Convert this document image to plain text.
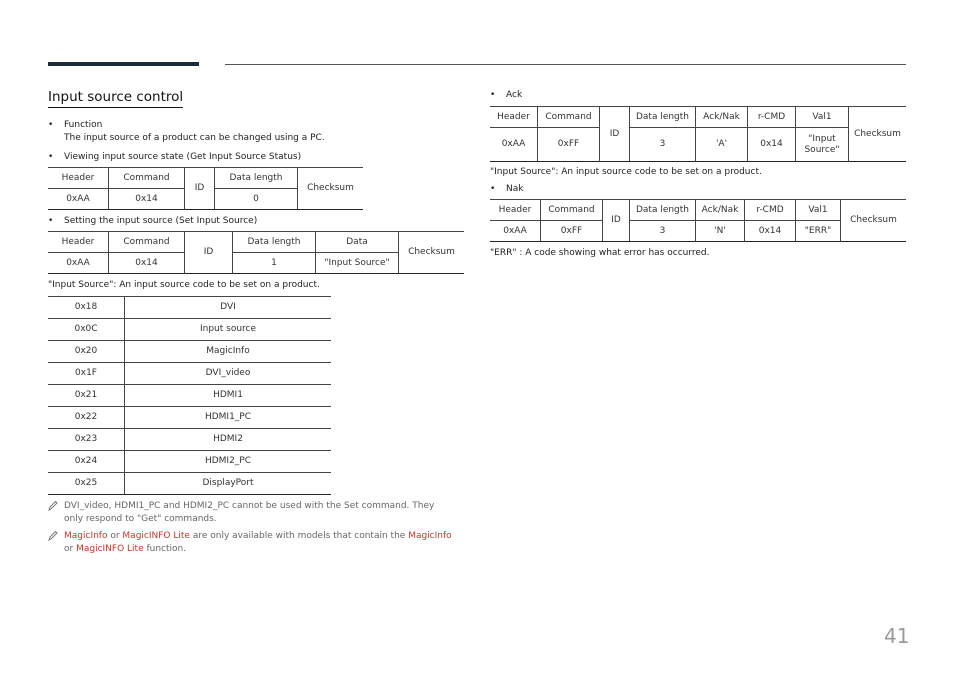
Input source control
• Function
The input source of a product can be changed using a PC.
• Viewing input source state (Get Input Source Status)
Header	Command	ID	Data length	Checksum
0xAA	0x14		0	
• Setting the input source (Set Input Source)
Header	Command	ID	Data length	Data	Checksum
0xAA	0x14		1	"Input Source"	
"Input Source": An input source code to be set on a product.
0x18	DVI
0x0C	Input source
0x20	MagicInfo
0x1F	DVI_video
0x21	HDMI1
0x22	HDMI1_PC
0x23	HDMI2
0x24	HDMI2_PC
0x25	DisplayPort
DVI_video, HDMI1_PC and HDMI2_PC cannot be used with the Set command. They only respond to "Get" commands.
MagicInfo or MagicINFO Lite are only available with models that contain the MagicInfo or MagicINFO Lite function.
• Ack
Header	Command	ID	Data length	Ack/Nak	r-CMD	Val1	Checksum
0xAA	0xFF		3	'A'	0x14	"Input Source"	
"Input Source": An input source code to be set on a product.
• Nak
Header	Command	ID	Data length	Ack/Nak	r-CMD	Val1	Checksum
0xAA	0xFF		3	'N'	0x14	"ERR"	
"ERR" : A code showing what error has occurred.
41
